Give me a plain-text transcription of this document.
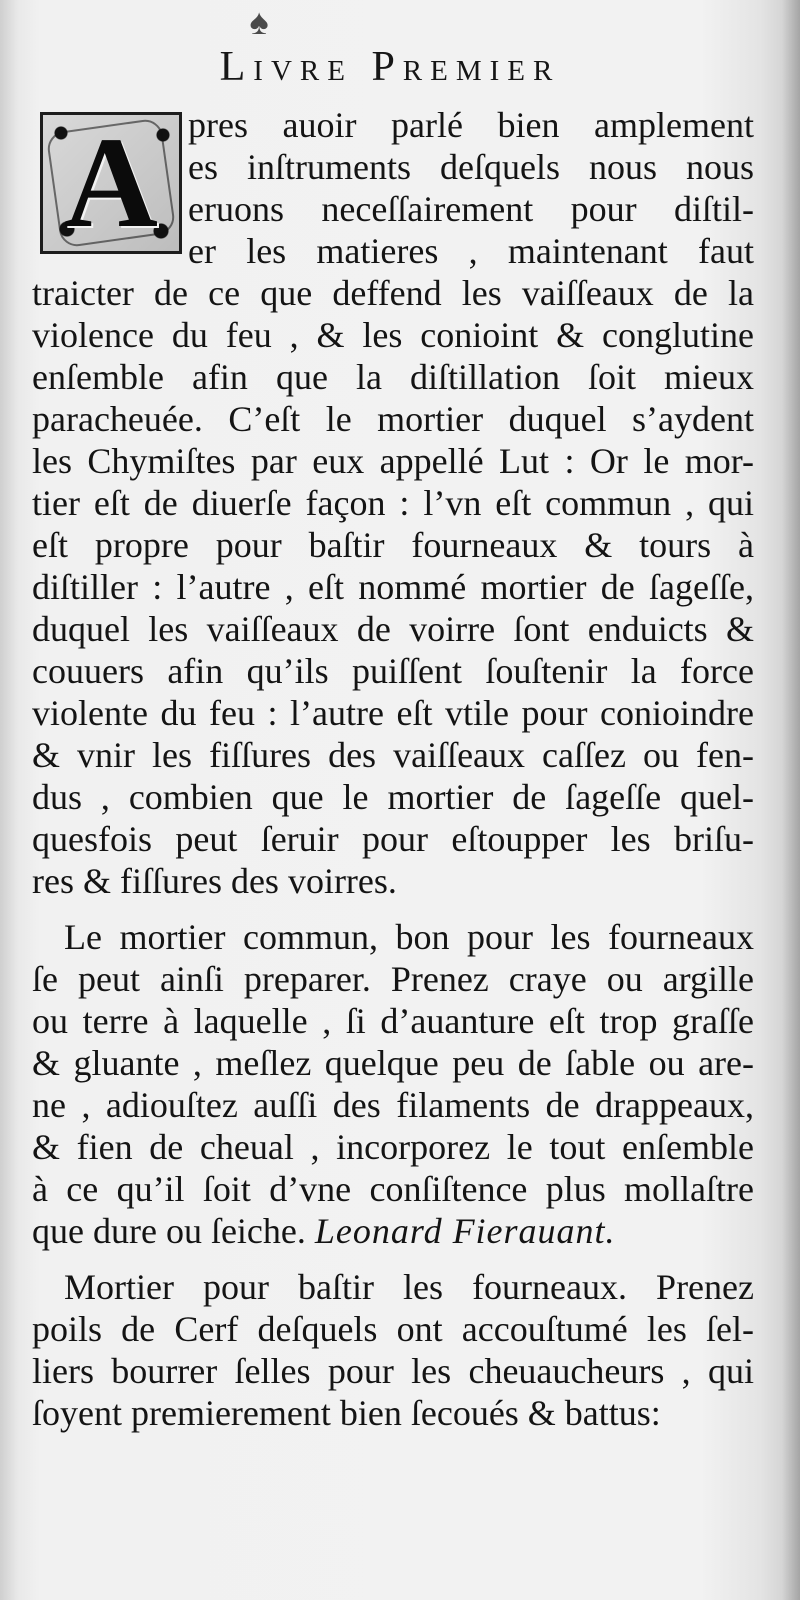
♠
Livre Premier
A pres auoir parlé bien amplement
es inſtruments deſquels nous nous
eruons neceſſairement pour diſtil-
er les matieres , maintenant faut
traicter de ce que deffend les vaiſſeaux de la
violence du feu , & les conioint & conglutine
enſemble afin que la diſtillation ſoit mieux
paracheuée. C’eſt le mortier duquel s’aydent
les Chymiſtes par eux appellé Lut : Or le mor-
tier eſt de diuerſe façon : l’vn eſt commun , qui
eſt propre pour baſtir fourneaux & tours à
diſtiller : l’autre , eſt nommé mortier de ſageſſe,
duquel les vaiſſeaux de voirre ſont enduicts &
couuers afin qu’ils puiſſent ſouſtenir la force
violente du feu : l’autre eſt vtile pour conioindre
& vnir les fiſſures des vaiſſeaux caſſez ou fen-
dus , combien que le mortier de ſageſſe quel-
quesfois peut ſeruir pour eſtoupper les briſu-
res & fiſſures des voirres.
Le mortier commun, bon pour les fourneaux
ſe peut ainſi preparer. Prenez craye ou argille
ou terre à laquelle , ſi d’auanture eſt trop graſſe
& gluante , meſlez quelque peu de ſable ou are-
ne , adiouſtez auſſi des filaments de drappeaux,
& fien de cheual , incorporez le tout enſemble
à ce qu’il ſoit d’vne conſiſtence plus mollaſtre
que dure ou ſeiche. Leonard Fierauant.
Mortier pour baſtir les fourneaux. Prenez
poils de Cerf deſquels ont accouſtumé les ſel-
liers bourrer ſelles pour les cheuaucheurs , qui
ſoyent premierement bien ſecoués & battus:
